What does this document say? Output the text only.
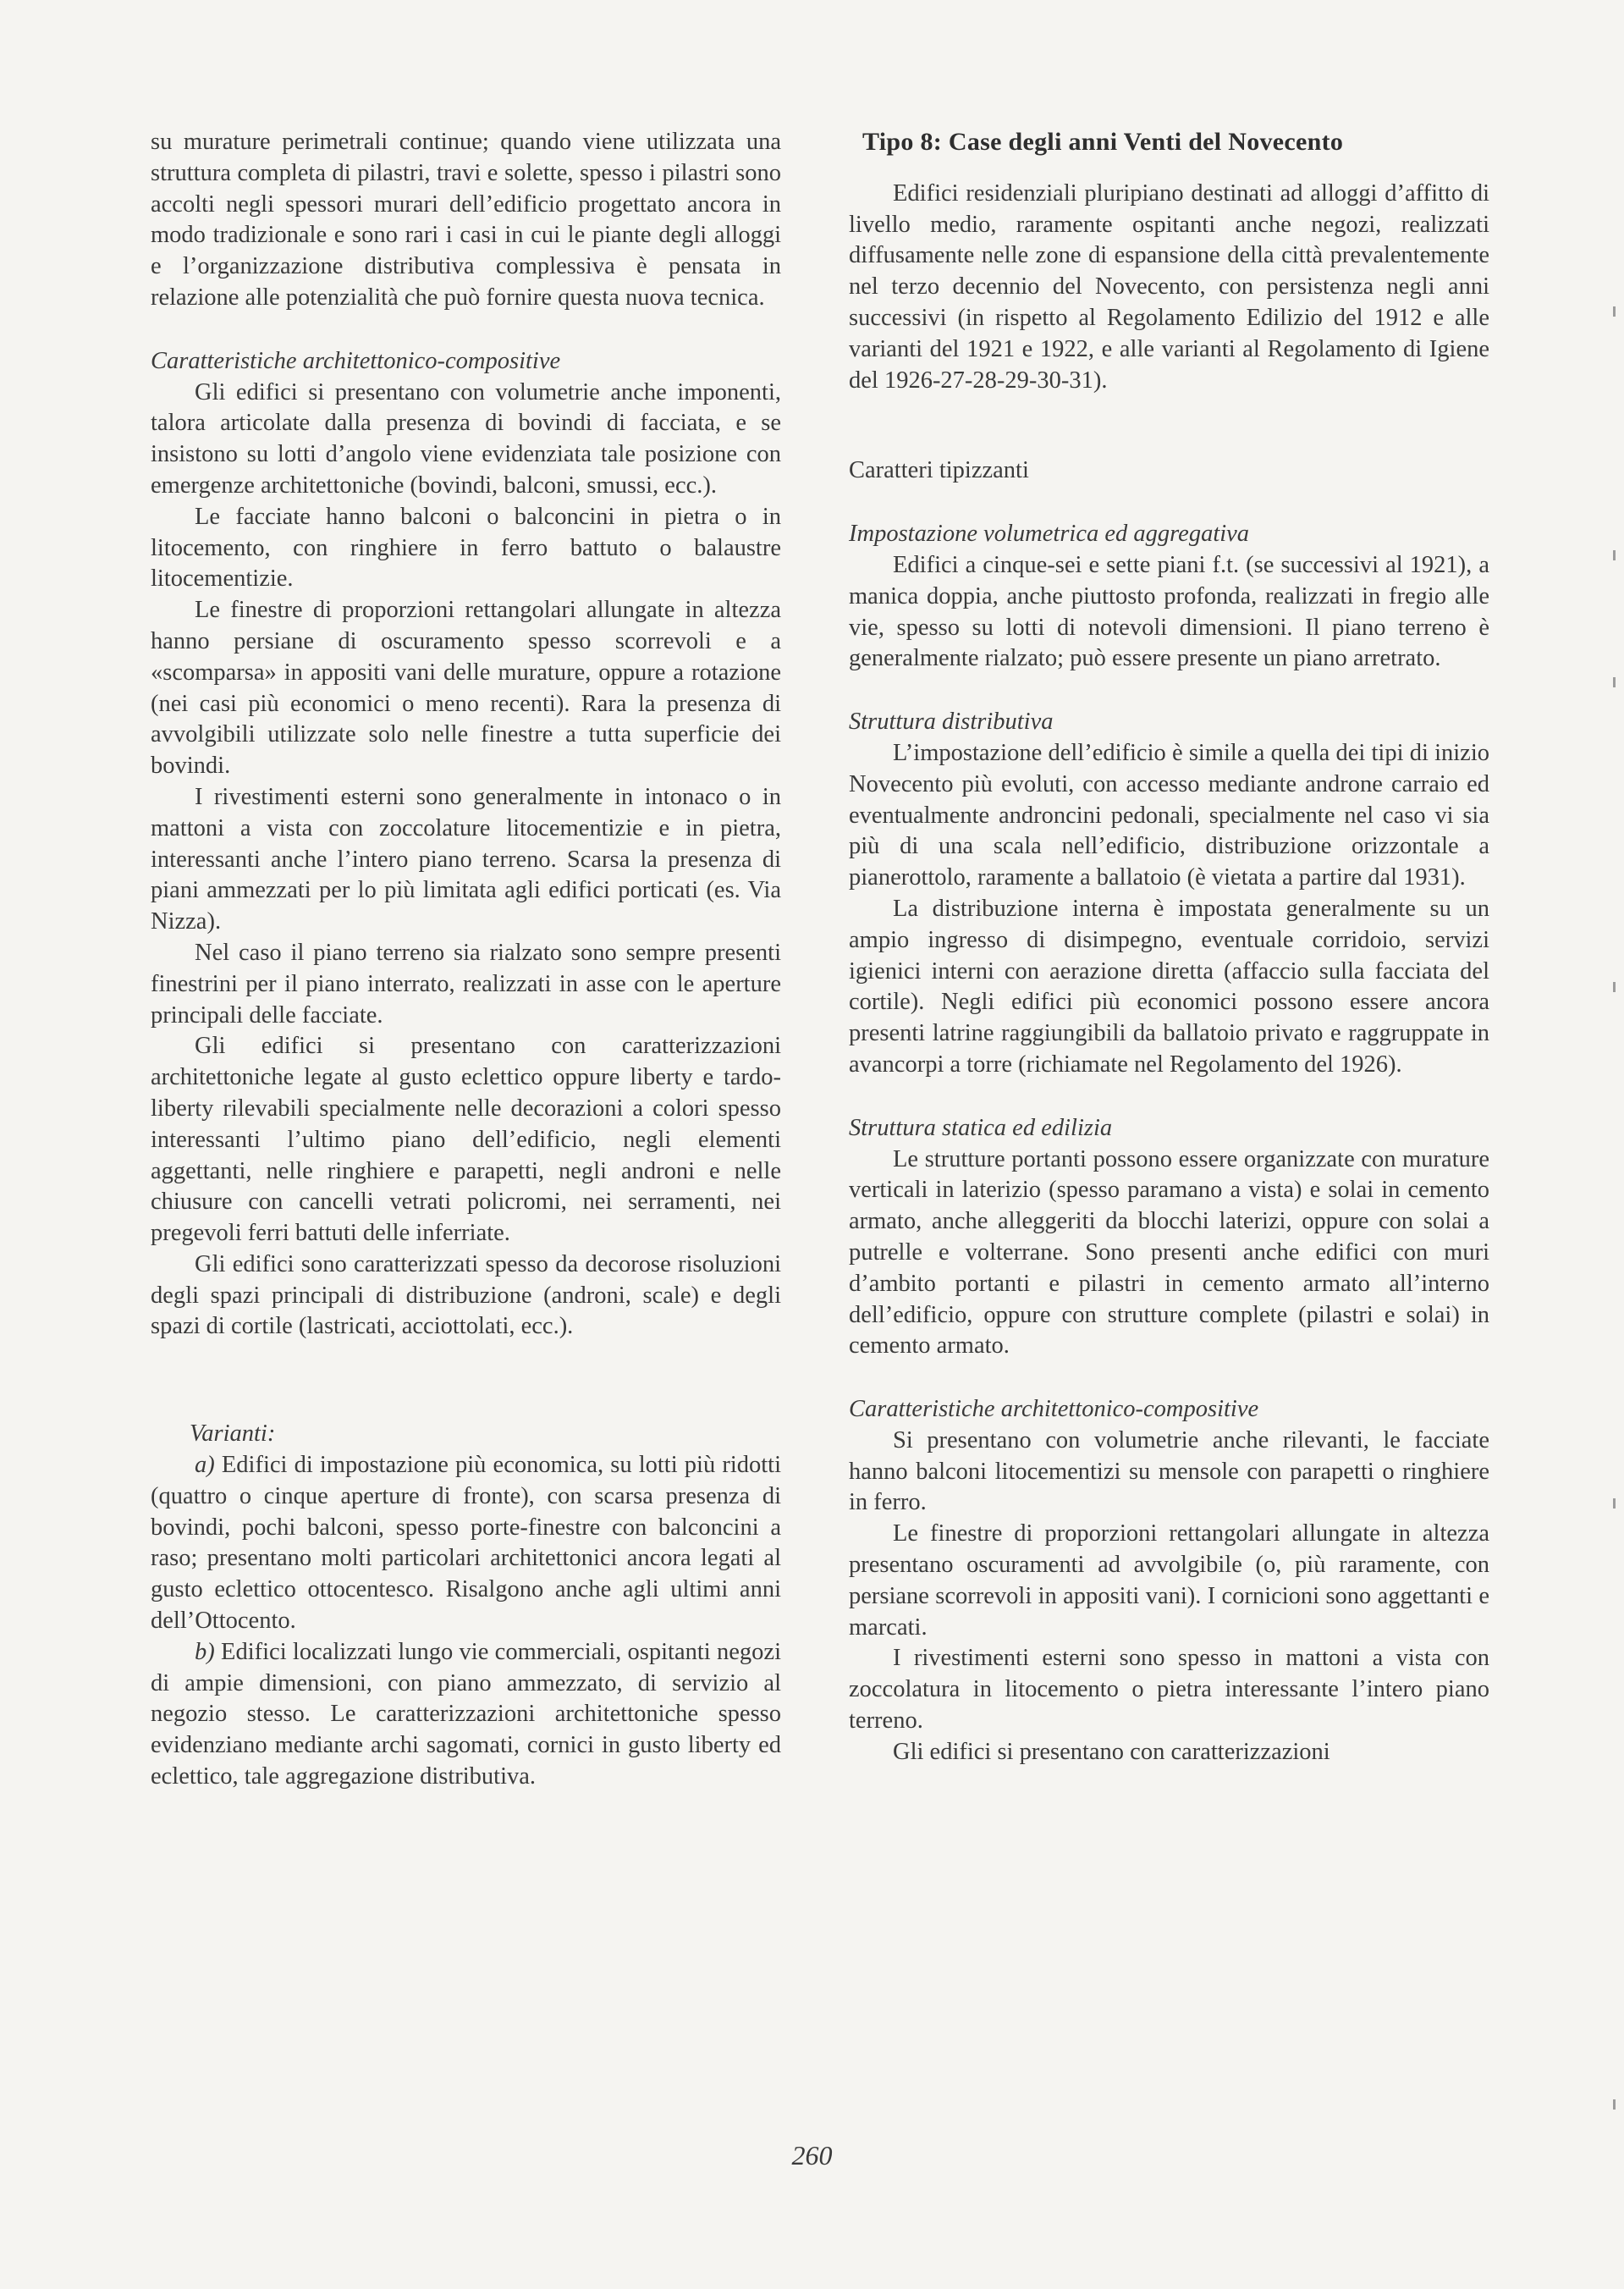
su murature perimetrali continue; quando viene utilizzata una struttura completa di pilastri, travi e solette, spesso i pilastri sono accolti negli spessori murari dell’edificio progettato ancora in modo tradizionale e sono rari i casi in cui le piante degli alloggi e l’organizzazione distributiva complessiva è pensata in relazione alle potenzialità che può fornire questa nuova tecnica.

Caratteristiche architettonico-compositive

Gli edifici si presentano con volumetrie anche imponenti, talora articolate dalla presenza di bovindi di facciata, e se insistono su lotti d’angolo viene evidenziata tale posizione con emergenze architettoniche (bovindi, balconi, smussi, ecc.).

Le facciate hanno balconi o balconcini in pietra o in litocemento, con ringhiere in ferro battuto o balaustre litocementizie.

Le finestre di proporzioni rettangolari allungate in altezza hanno persiane di oscuramento spesso scorrevoli e a «scomparsa» in appositi vani delle murature, oppure a rotazione (nei casi più economici o meno recenti). Rara la presenza di avvolgibili utilizzate solo nelle finestre a tutta superficie dei bovindi.

I rivestimenti esterni sono generalmente in intonaco o in mattoni a vista con zoccolature litocementizie e in pietra, interessanti anche l’intero piano terreno. Scarsa la presenza di piani ammezzati per lo più limitata agli edifici porticati (es. Via Nizza).

Nel caso il piano terreno sia rialzato sono sempre presenti finestrini per il piano interrato, realizzati in asse con le aperture principali delle facciate.

Gli edifici si presentano con caratterizzazioni architettoniche legate al gusto eclettico oppure liberty e tardo-liberty rilevabili specialmente nelle decorazioni a colori spesso interessanti l’ultimo piano dell’edificio, negli elementi aggettanti, nelle ringhiere e parapetti, negli androni e nelle chiusure con cancelli vetrati policromi, nei serramenti, nei pregevoli ferri battuti delle inferriate.

Gli edifici sono caratterizzati spesso da decorose risoluzioni degli spazi principali di distribuzione (androni, scale) e degli spazi di cortile (lastricati, acciottolati, ecc.).

Varianti:

a) Edifici di impostazione più economica, su lotti più ridotti (quattro o cinque aperture di fronte), con scarsa presenza di bovindi, pochi balconi, spesso porte-finestre con balconcini a raso; presentano molti particolari architettonici ancora legati al gusto eclettico ottocentesco. Risalgono anche agli ultimi anni dell’Ottocento.

b) Edifici localizzati lungo vie commerciali, ospitanti negozi di ampie dimensioni, con piano ammezzato, di servizio al negozio stesso. Le caratterizzazioni architettoniche spesso evidenziano mediante archi sagomati, cornici in gusto liberty ed eclettico, tale aggregazione distributiva.

Tipo 8: Case degli anni Venti del Novecento

Edifici residenziali pluripiano destinati ad alloggi d’affitto di livello medio, raramente ospitanti anche negozi, realizzati diffusamente nelle zone di espansione della città prevalentemente nel terzo decennio del Novecento, con persistenza negli anni successivi (in rispetto al Regolamento Edilizio del 1912 e alle varianti del 1921 e 1922, e alle varianti al Regolamento di Igiene del 1926-27-28-29-30-31).

Caratteri tipizzanti

Impostazione volumetrica ed aggregativa

Edifici a cinque-sei e sette piani f.t. (se successivi al 1921), a manica doppia, anche piuttosto profonda, realizzati in fregio alle vie, spesso su lotti di notevoli dimensioni. Il piano terreno è generalmente rialzato; può essere presente un piano arretrato.

Struttura distributiva

L’impostazione dell’edificio è simile a quella dei tipi di inizio Novecento più evoluti, con accesso mediante androne carraio ed eventualmente androncini pedonali, specialmente nel caso vi sia più di una scala nell’edificio, distribuzione orizzontale a pianerottolo, raramente a ballatoio (è vietata a partire dal 1931).

La distribuzione interna è impostata generalmente su un ampio ingresso di disimpegno, eventuale corridoio, servizi igienici interni con aerazione diretta (affaccio sulla facciata del cortile). Negli edifici più economici possono essere ancora presenti latrine raggiungibili da ballatoio privato e raggruppate in avancorpi a torre (richiamate nel Regolamento del 1926).

Struttura statica ed edilizia

Le strutture portanti possono essere organizzate con murature verticali in laterizio (spesso paramano a vista) e solai in cemento armato, anche alleggeriti da blocchi laterizi, oppure con solai a putrelle e volterrane. Sono presenti anche edifici con muri d’ambito portanti e pilastri in cemento armato all’interno dell’edificio, oppure con strutture complete (pilastri e solai) in cemento armato.

Caratteristiche architettonico-compositive

Si presentano con volumetrie anche rilevanti, le facciate hanno balconi litocementizi su mensole con parapetti o ringhiere in ferro.

Le finestre di proporzioni rettangolari allungate in altezza presentano oscuramenti ad avvolgibile (o, più raramente, con persiane scorrevoli in appositi vani). I cornicioni sono aggettanti e marcati.

I rivestimenti esterni sono spesso in mattoni a vista con zoccolatura in litocemento o pietra interessante l’intero piano terreno.

Gli edifici si presentano con caratterizzazioni

260
